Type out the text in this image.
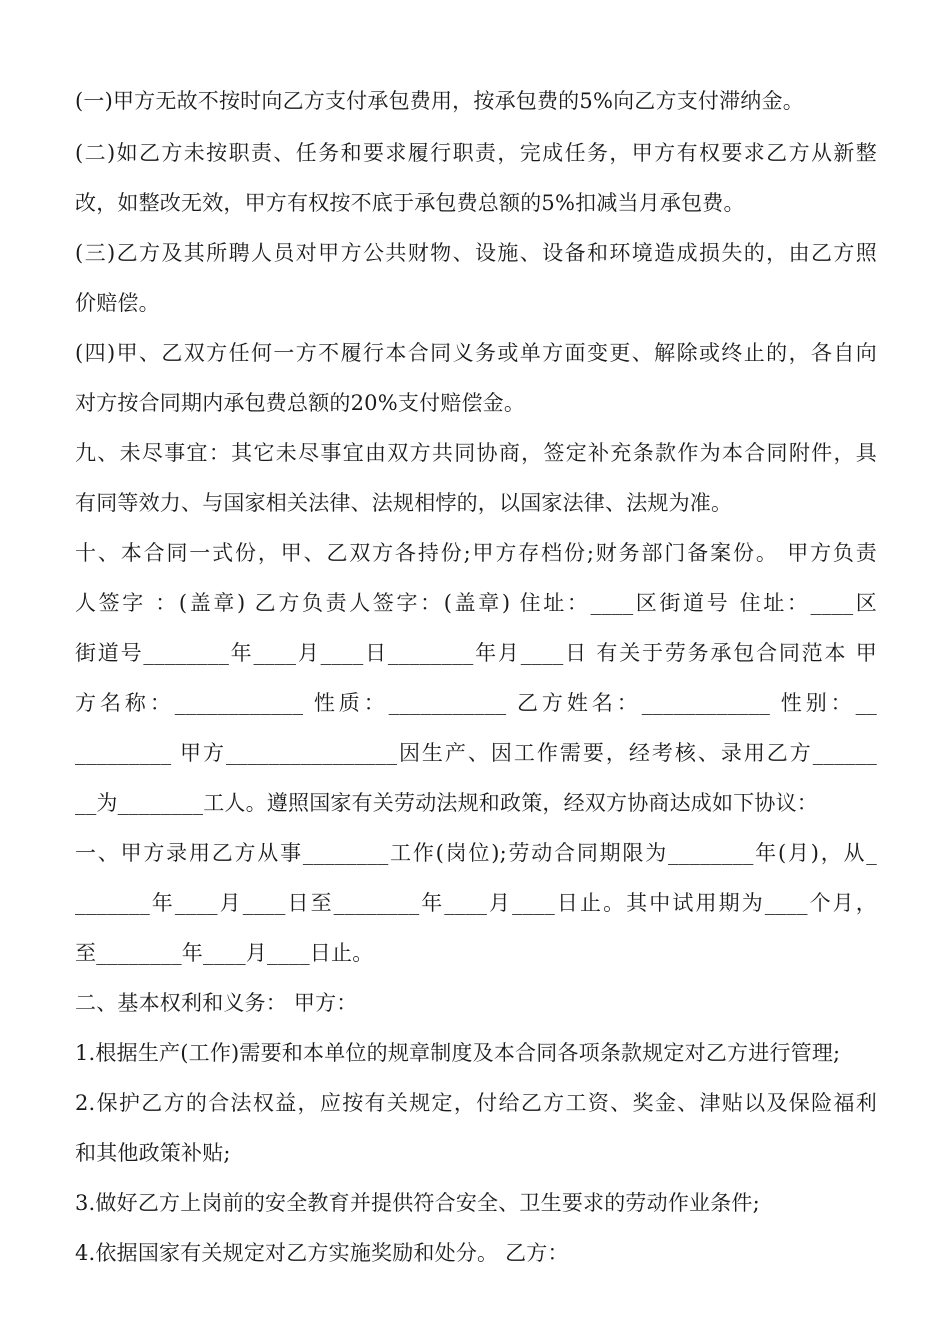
(一)甲方无故不按时向乙方支付承包费用，按承包费的5%向乙方支付滞纳金。
(二)如乙方未按职责、任务和要求履行职责，完成任务，甲方有权要求乙方从新整
改，如整改无效，甲方有权按不底于承包费总额的5%扣减当月承包费。
(三)乙方及其所聘人员对甲方公共财物、设施、设备和环境造成损失的，由乙方照
价赔偿。
(四)甲、乙双方任何一方不履行本合同义务或单方面变更、解除或终止的，各自向
对方按合同期内承包费总额的20%支付赔偿金。
九、未尽事宜：其它未尽事宜由双方共同协商，签定补充条款作为本合同附件，具
有同等效力、与国家相关法律、法规相悖的，以国家法律、法规为准。
十、本合同一式份，甲、乙双方各持份;甲方存档份;财务部门备案份。 甲方负责
人签字 ：(盖章) 乙方负责人签字：(盖章) 住址：____区街道号 住址：____区
街道号________年____月____日________年月____日 有关于劳务承包合同范本 甲
方名称：____________ 性质：___________ 乙方姓名：____________ 性别：__
_________ 甲方________________因生产、因工作需要，经考核、录用乙方______
__为________工人。遵照国家有关劳动法规和政策，经双方协商达成如下协议：
一、甲方录用乙方从事________工作(岗位);劳动合同期限为________年(月)，从_
_______年____月____日至________年____月____日止。其中试用期为____个月，
至________年____月____日止。
二、基本权利和义务： 甲方：
1.根据生产(工作)需要和本单位的规章制度及本合同各项条款规定对乙方进行管理;
2.保护乙方的合法权益，应按有关规定，付给乙方工资、奖金、津贴以及保险福利
和其他政策补贴;
3.做好乙方上岗前的安全教育并提供符合安全、卫生要求的劳动作业条件;
4.依据国家有关规定对乙方实施奖励和处分。 乙方：
